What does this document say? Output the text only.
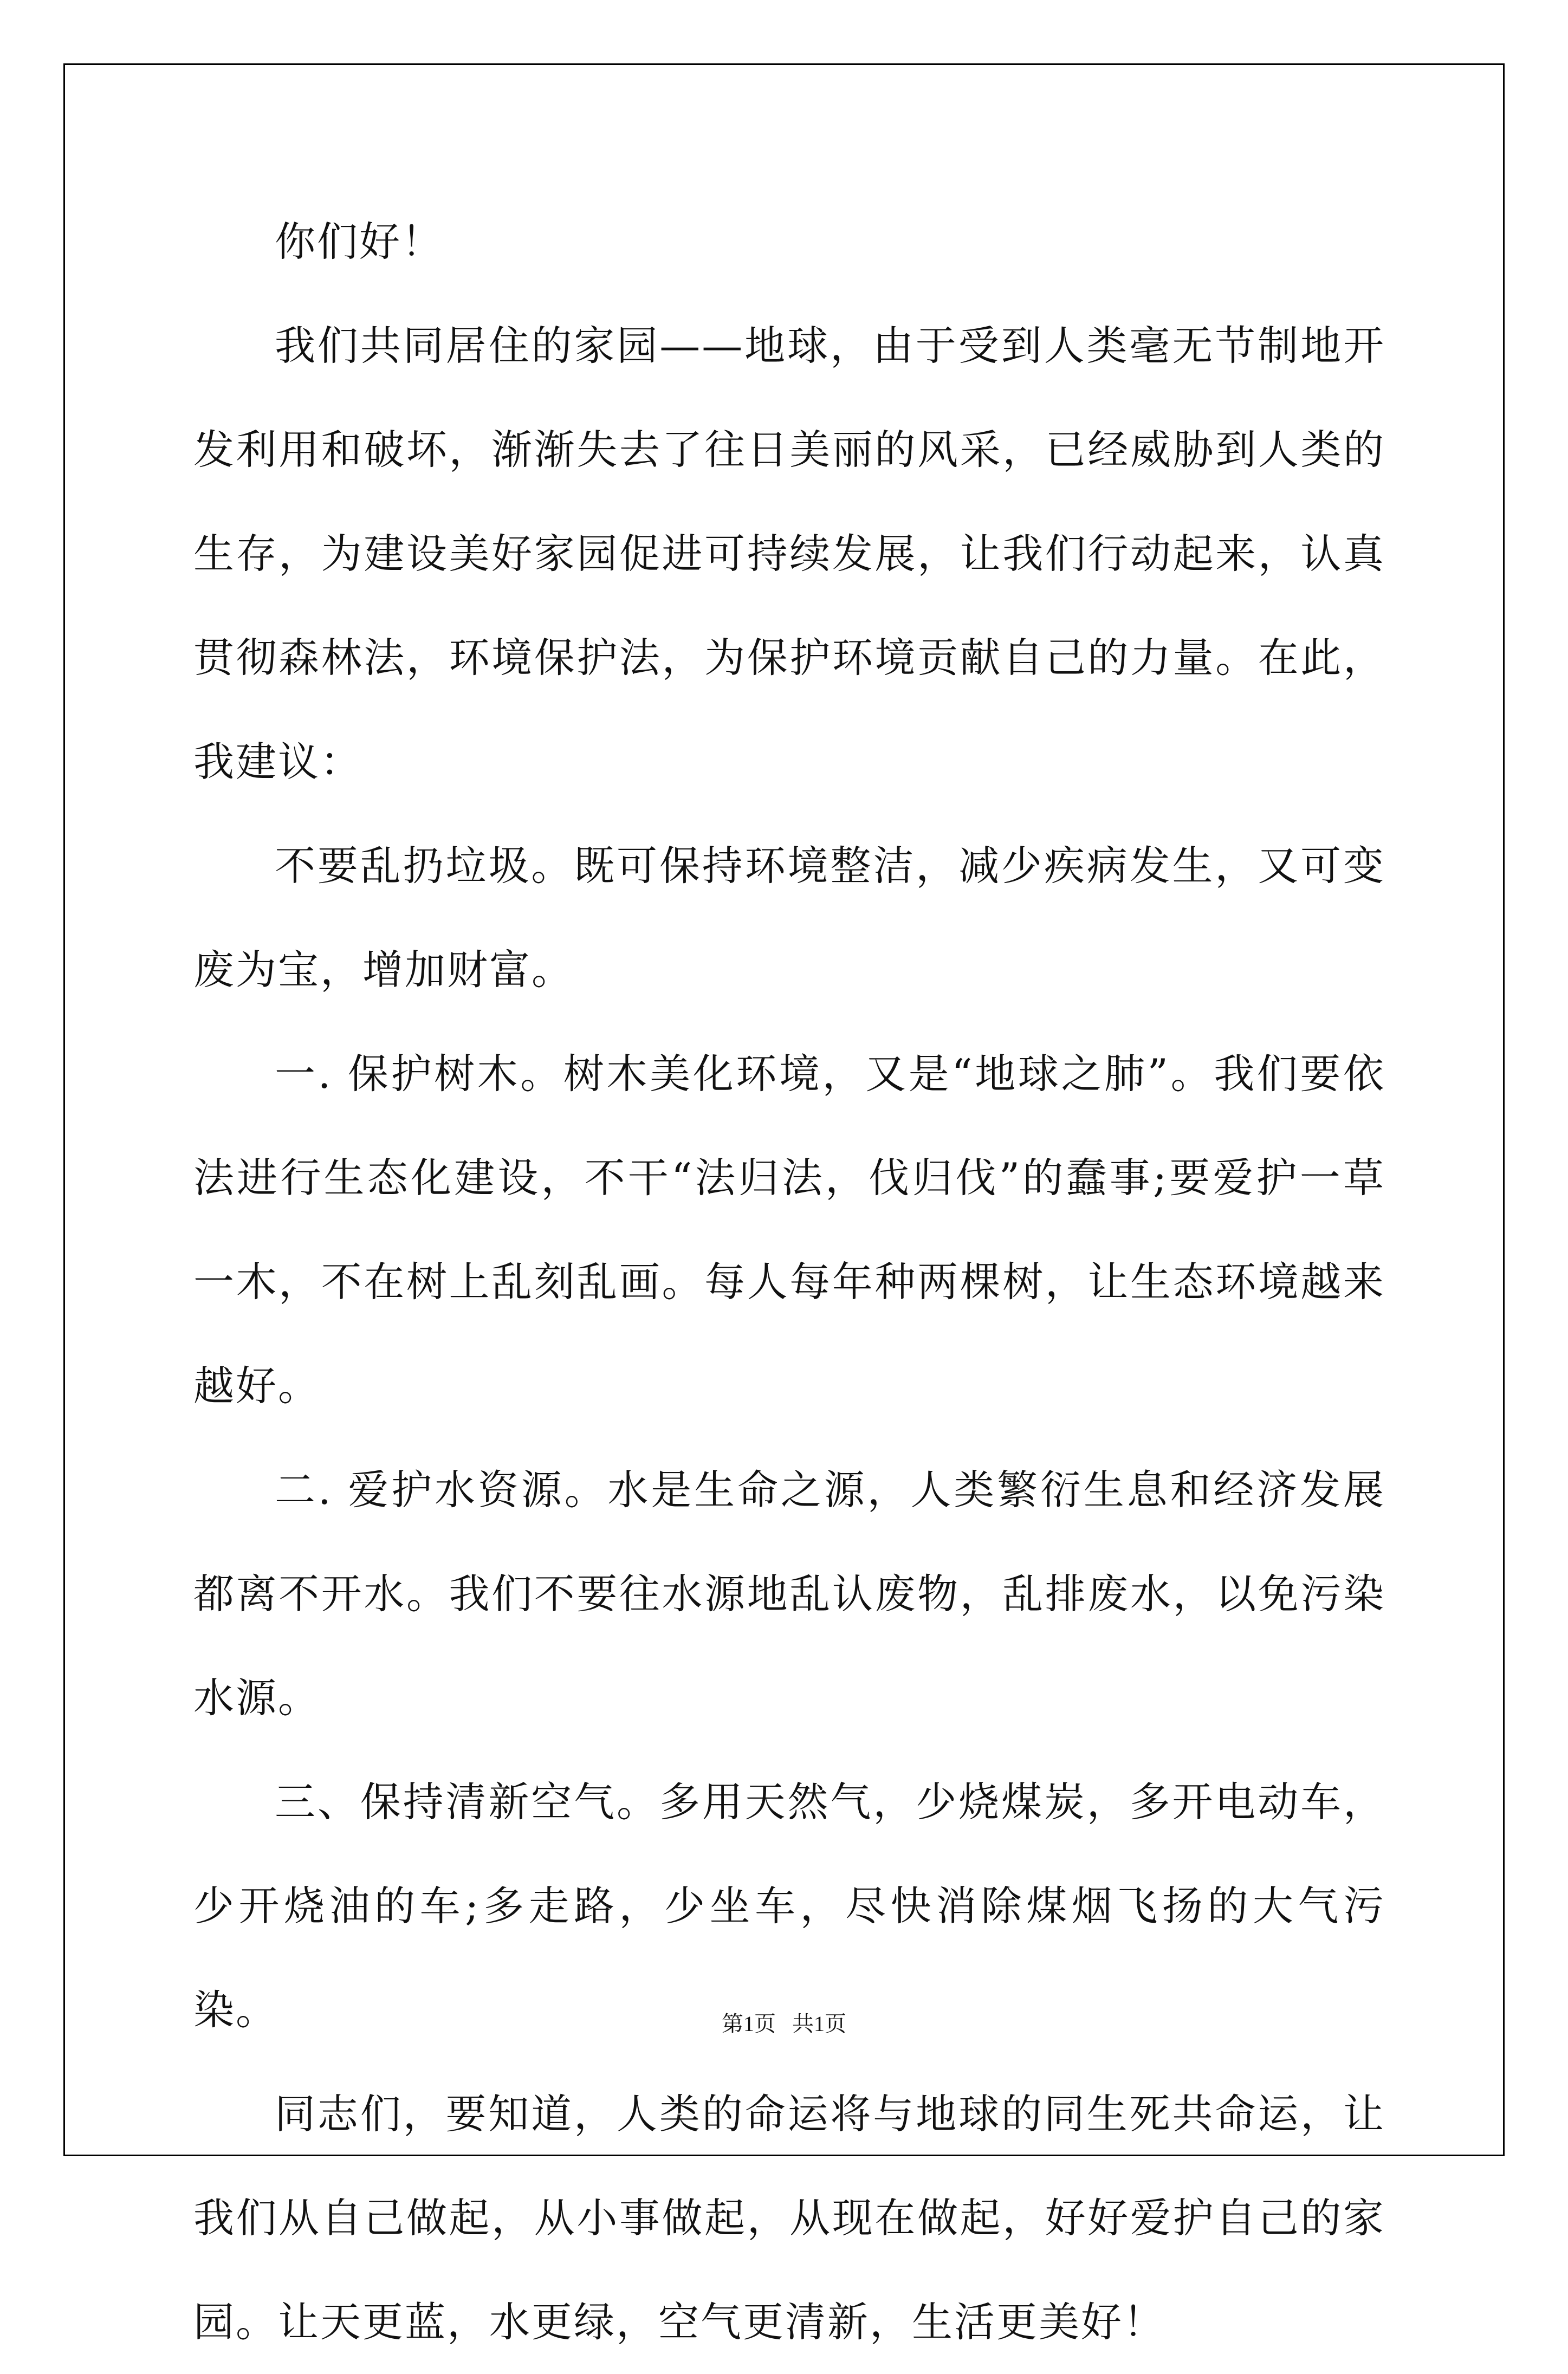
你们好！

我们共同居住的家园——地球，由于受到人类毫无节制地开发利用和破坏，渐渐失去了往日美丽的风采，已经威胁到人类的生存，为建设美好家园促进可持续发展，让我们行动起来，认真贯彻森林法，环境保护法，为保护环境贡献自己的力量。在此，我建议：

不要乱扔垃圾。既可保持环境整洁，减少疾病发生，又可变废为宝，增加财富。

一. 保护树木。树木美化环境，又是“地球之肺”。我们要依法进行生态化建设，不干“法归法，伐归伐”的蠢事;要爱护一草一木，不在树上乱刻乱画。每人每年种两棵树，让生态环境越来越好。

二. 爱护水资源。水是生命之源，人类繁衍生息和经济发展都离不开水。我们不要往水源地乱认废物，乱排废水，以免污染水源。

三、保持清新空气。多用天然气，少烧煤炭，多开电动车，少开烧油的车;多走路，少坐车，尽快消除煤烟飞扬的大气污染。

同志们，要知道，人类的命运将与地球的同生死共命运，让我们从自己做起，从小事做起，从现在做起，好好爱护自己的家园。让天更蓝，水更绿，空气更清新，生活更美好！

第1页   共1页
